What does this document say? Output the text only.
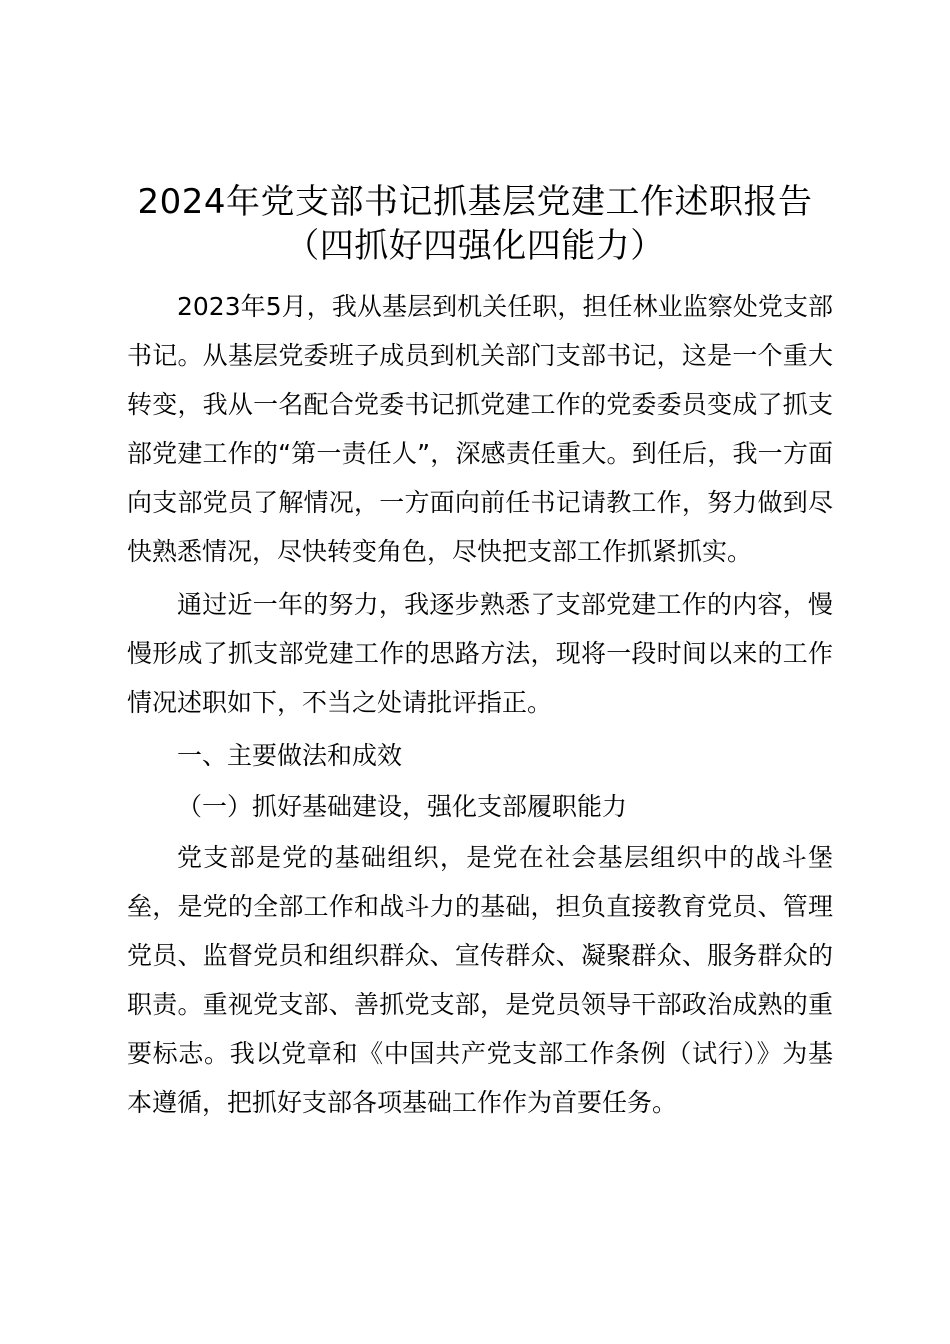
2024年党支部书记抓基层党建工作述职报告
（四抓好四强化四能力）

2023年5月，我从基层到机关任职，担任林业监察处党支部书记。从基层党委班子成员到机关部门支部书记，这是一个重大转变，我从一名配合党委书记抓党建工作的党委委员变成了抓支部党建工作的“第一责任人”，深感责任重大。到任后，我一方面向支部党员了解情况，一方面向前任书记请教工作，努力做到尽快熟悉情况，尽快转变角色，尽快把支部工作抓紧抓实。

通过近一年的努力，我逐步熟悉了支部党建工作的内容，慢慢形成了抓支部党建工作的思路方法，现将一段时间以来的工作情况述职如下，不当之处请批评指正。

一、主要做法和成效

（一）抓好基础建设，强化支部履职能力

党支部是党的基础组织，是党在社会基层组织中的战斗堡垒，是党的全部工作和战斗力的基础，担负直接教育党员、管理党员、监督党员和组织群众、宣传群众、凝聚群众、服务群众的职责。重视党支部、善抓党支部，是党员领导干部政治成熟的重要标志。我以党章和《中国共产党支部工作条例（试行）》为基本遵循，把抓好支部各项基础工作作为首要任务。
